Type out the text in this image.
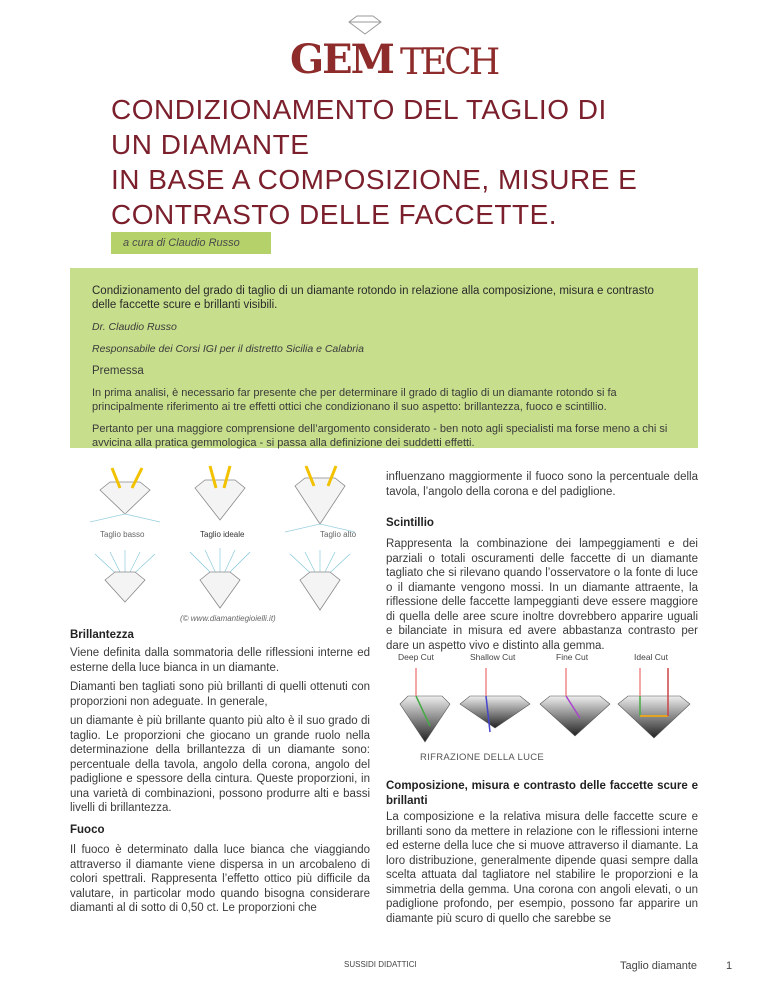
GEM TECH
CONDIZIONAMENTO DEL TAGLIO DI
UN DIAMANTE
IN BASE A COMPOSIZIONE, MISURE E
CONTRASTO DELLE FACCETTE.
a cura di Claudio Russo

Condizionamento del grado di taglio di un diamante rotondo in relazione alla composizione, misura e contrasto delle faccette scure e brillanti visibili.

Dr. Claudio Russo

Responsabile dei Corsi IGI per il distretto Sicilia e Calabria

Premessa

In prima analisi, è necessario far presente che per determinare il grado di taglio di un diamante rotondo si fa principalmente riferimento ai tre effetti ottici che condizionano il suo aspetto: brillantezza, fuoco e scintillio.

Pertanto per una maggiore comprensione dell’argomento considerato - ben noto agli specialisti ma forse meno a chi si avvicina alla pratica gemmologica - si passa alla definizione dei suddetti effetti.

Taglio basso	Taglio ideale	Taglio alto
(© www.diamantiegioielli.it)
Brillantezza
Viene definita dalla sommatoria delle riflessioni interne ed esterne della luce bianca in un diamante.
Diamanti ben tagliati sono più brillanti di quelli ottenuti con proporzioni non adeguate. In generale,
un diamante è più brillante quanto più alto è il suo grado di taglio. Le proporzioni che giocano un grande ruolo nella determinazione della brillantezza di un diamante sono: percentuale della tavola, angolo della corona, angolo del padiglione e spessore della cintura. Queste proporzioni, in una varietà di combinazioni, possono produrre alti e bassi livelli di brillantezza.
Fuoco
Il fuoco è determinato dalla luce bianca che viaggiando attraverso il diamante viene dispersa in un arcobaleno di colori spettrali. Rappresenta l’effetto ottico più difficile da valutare, in particolar modo quando bisogna considerare diamanti al di sotto di 0,50 ct. Le proporzioni che
influenzano maggiormente il fuoco sono la percentuale della tavola, l’angolo della corona e del padiglione.
Scintillio
Rappresenta la combinazione dei lampeggiamenti e dei parziali o totali oscuramenti delle faccette di un diamante tagliato che si rilevano quando l’osservatore o la fonte di luce o il diamante vengono mossi. In un diamante attraente, la riflessione delle faccette lampeggianti deve essere maggiore di quella delle aree scure inoltre dovrebbero apparire uguali e bilanciate in misura ed avere abbastanza contrasto per dare un aspetto vivo e distinto alla gemma.
Deep Cut	Shallow Cut	Fine Cut	Ideal Cut
RIFRAZIONE DELLA LUCE
Composizione, misura e contrasto delle faccette scure e brillanti
La composizione e la relativa misura delle faccette scure e brillanti sono da mettere in relazione con le riflessioni interne ed esterne della luce che si muove attraverso il diamante. La loro distribuzione, generalmente dipende quasi sempre dalla scelta attuata dal tagliatore nel stabilire le proporzioni e la simmetria della gemma. Una corona con angoli elevati, o un padiglione profondo, per esempio, possono far apparire un diamante più scuro di quello che sarebbe se
SUSSIDI DIDATTICI	Taglio diamante	1
